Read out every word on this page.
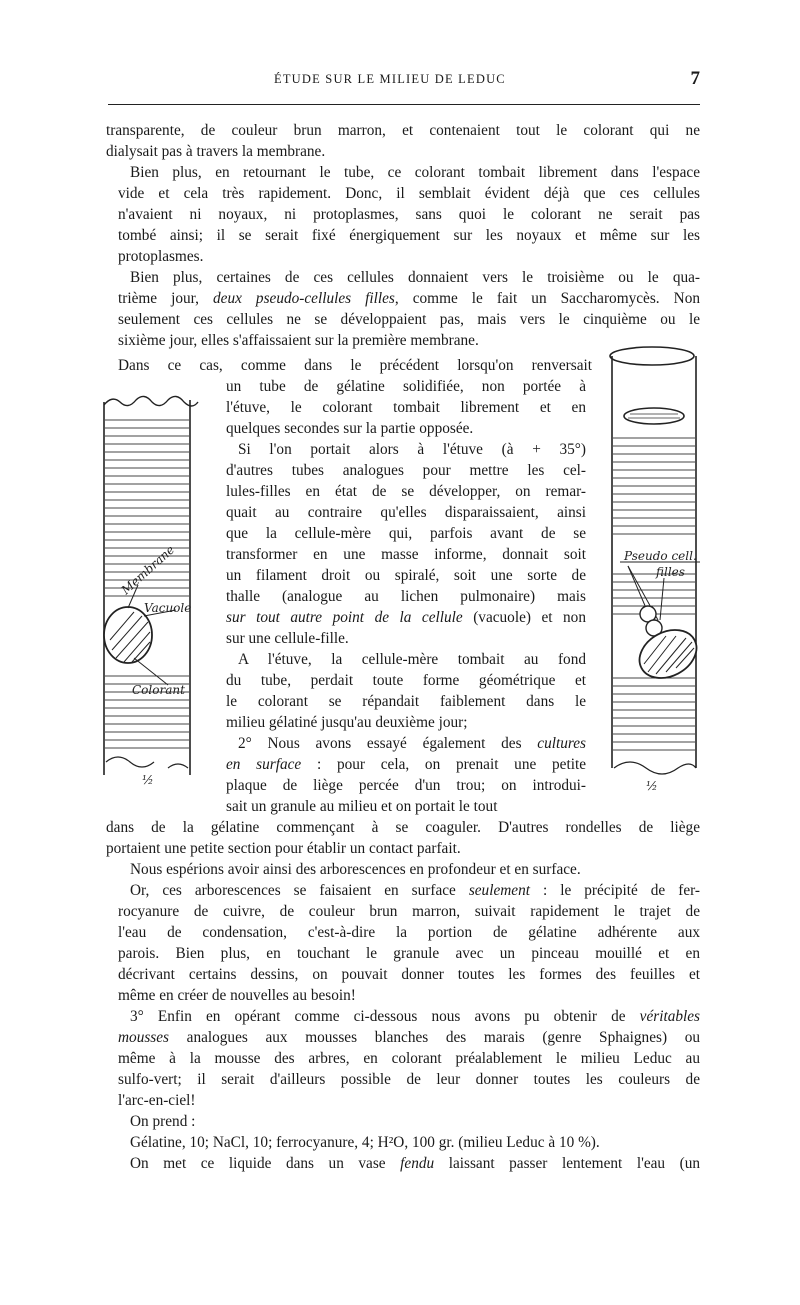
ÉTUDE SUR LE MILIEU DE LEDUC	7
transparente, de couleur brun marron, et contenaient tout le colorant qui ne
dialysait pas à travers la membrane.
Bien plus, en retournant le tube, ce colorant tombait librement dans l'espace
vide et cela très rapidement. Donc, il semblait évident déjà que ces cellules
n'avaient ni noyaux, ni protoplasmes, sans quoi le colorant ne serait pas
tombé ainsi; il se serait fixé énergiquement sur les noyaux et même sur les
protoplasmes.
Bien plus, certaines de ces cellules donnaient vers le troisième ou le qua-
trième jour, deux pseudo-cellules filles, comme le fait un Saccharomycès. Non
seulement ces cellules ne se développaient pas, mais vers le cinquième ou le
sixième jour, elles s'affaissaient sur la première membrane.
Dans ce cas, comme dans le précédent lorsqu'on renversait
un tube de gélatine solidifiée, non portée à
l'étuve, le colorant tombait librement et en
quelques secondes sur la partie opposée.
Si l'on portait alors à l'étuve (à + 35°)
d'autres tubes analogues pour mettre les cel-
lules-filles en état de se développer, on remar-
quait au contraire qu'elles disparaissaient, ainsi
que la cellule-mère qui, parfois avant de se
transformer en une masse informe, donnait soit
un filament droit ou spiralé, soit une sorte de
thalle (analogue au lichen pulmonaire) mais
sur tout autre point de la cellule (vacuole) et non
sur une cellule-fille.
A l'étuve, la cellule-mère tombait au fond
du tube, perdait toute forme géométrique et
le colorant se répandait faiblement dans le
milieu gélatiné jusqu'au deuxième jour;
2° Nous avons essayé également des cultures
en surface : pour cela, on prenait une petite
plaque de liège percée d'un trou; on introdui-
sait un granule au milieu et on portait le tout
dans de la gélatine commençant à se coaguler. D'autres rondelles de liège
portaient une petite section pour établir un contact parfait.
Nous espérions avoir ainsi des arborescences en profondeur et en surface.
Or, ces arborescences se faisaient en surface seulement : le précipité de fer-
rocyanure de cuivre, de couleur brun marron, suivait rapidement le trajet de
l'eau de condensation, c'est-à-dire la portion de gélatine adhérente aux
parois. Bien plus, en touchant le granule avec un pinceau mouillé et en
décrivant certains dessins, on pouvait donner toutes les formes des feuilles et
même en créer de nouvelles au besoin!
3° Enfin en opérant comme ci-dessous nous avons pu obtenir de véritables
mousses analogues aux mousses blanches des marais (genre Sphaignes) ou
même à la mousse des arbres, en colorant préalablement le milieu Leduc au
sulfo-vert; il serait d'ailleurs possible de leur donner toutes les couleurs de
l'arc-en-ciel!
On prend :
Gélatine, 10; NaCl, 10; ferrocyanure, 4; H²O, 100 gr. (milieu Leduc à 10 %).
On met ce liquide dans un vase fendu laissant passer lentement l'eau (un
Membrane
Vacuole
Colorant
½
Pseudo cell.
filles
½
